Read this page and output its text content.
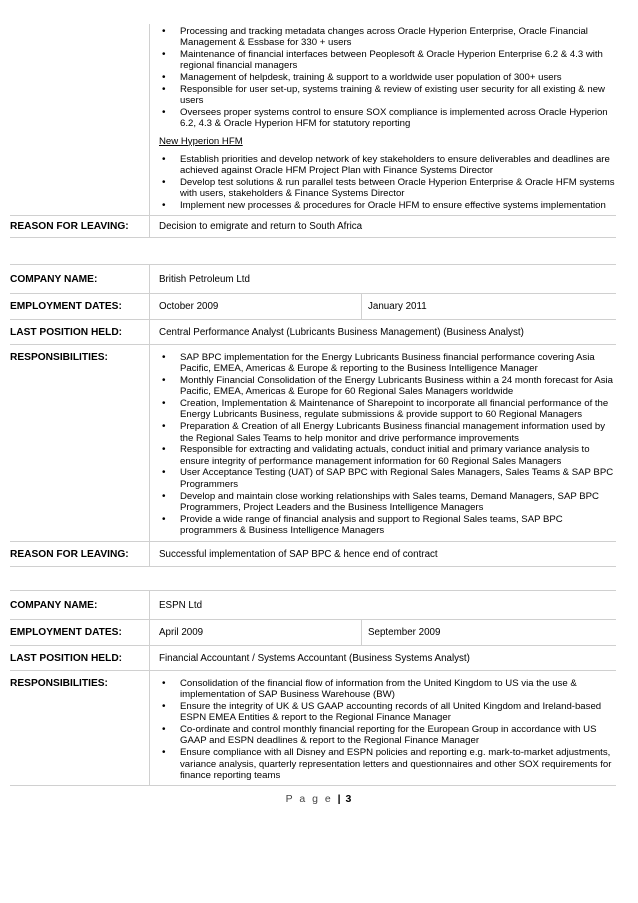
• Processing and tracking metadata changes across Oracle Hyperion Enterprise, Oracle Financial Management & Essbase for 330 + users
• Maintenance of financial interfaces between Peoplesoft & Oracle Hyperion Enterprise 6.2 & 4.3 with regional financial managers
• Management of helpdesk, training & support to a worldwide user population of 300+ users
• Responsible for user set-up, systems training & review of existing user security for all existing & new users
• Oversees proper systems control to ensure SOX compliance is implemented across Oracle Hyperion 6.2, 4.3 & Oracle Hyperion HFM for statutory reporting
New Hyperion HFM
• Establish priorities and develop network of key stakeholders to ensure deliverables and deadlines are achieved against Oracle HFM Project Plan with Finance Systems Director
• Develop test solutions & run parallel tests between Oracle Hyperion Enterprise & Oracle HFM systems with users, stakeholders & Finance Systems Director
• Implement new processes & procedures for Oracle HFM to ensure effective systems implementation
REASON FOR LEAVING:	Decision to emigrate and return to South Africa
COMPANY NAME:	British Petroleum Ltd
EMPLOYMENT DATES:	October 2009	January 2011
LAST POSITION HELD:	Central Performance Analyst (Lubricants Business Management) (Business Analyst)
RESPONSIBILITIES:	• SAP BPC implementation for the Energy Lubricants Business financial performance covering Asia Pacific, EMEA, Americas & Europe & reporting to the Business Intelligence Manager
• Monthly Financial Consolidation of the Energy Lubricants Business within a 24 month forecast for Asia Pacific, EMEA, Americas & Europe for 60 Regional Sales Managers worldwide
• Creation, Implementation & Maintenance of Sharepoint to incorporate all financial performance of the Energy Lubricants Business, regulate submissions & provide support to 60 Regional Managers
• Preparation & Creation of all Energy Lubricants Business financial management information used by the Regional Sales Teams to help monitor and drive performance improvements
• Responsible for extracting and validating actuals, conduct initial and primary variance analysis to ensure integrity of performance management information for 60 Regional Sales Managers
• User Acceptance Testing (UAT) of SAP BPC with Regional Sales Managers, Sales Teams & SAP BPC Programmers
• Develop and maintain close working relationships with Sales teams, Demand Managers, SAP BPC Programmers, Project Leaders and the Business Intelligence Managers
• Provide a wide range of financial analysis and support to Regional Sales teams, SAP BPC programmers & Business Intelligence Managers
REASON FOR LEAVING:	Successful implementation of SAP BPC & hence end of contract
COMPANY NAME:	ESPN Ltd
EMPLOYMENT DATES:	April 2009	September 2009
LAST POSITION HELD:	Financial Accountant / Systems Accountant (Business Systems Analyst)
RESPONSIBILITIES:	• Consolidation of the financial flow of information from the United Kingdom to US via the use & implementation of SAP Business Warehouse (BW)
• Ensure the integrity of UK & US GAAP accounting records of all United Kingdom and Ireland-based ESPN EMEA Entities & report to the Regional Finance Manager
• Co-ordinate and control monthly financial reporting for the European Group in accordance with US GAAP and ESPN deadlines & report to the Regional Finance Manager
• Ensure compliance with all Disney and ESPN policies and reporting e.g. mark-to-market adjustments, variance analysis, quarterly representation letters and questionnaires and other SOX requirements for finance reporting teams
P a g e | 3
